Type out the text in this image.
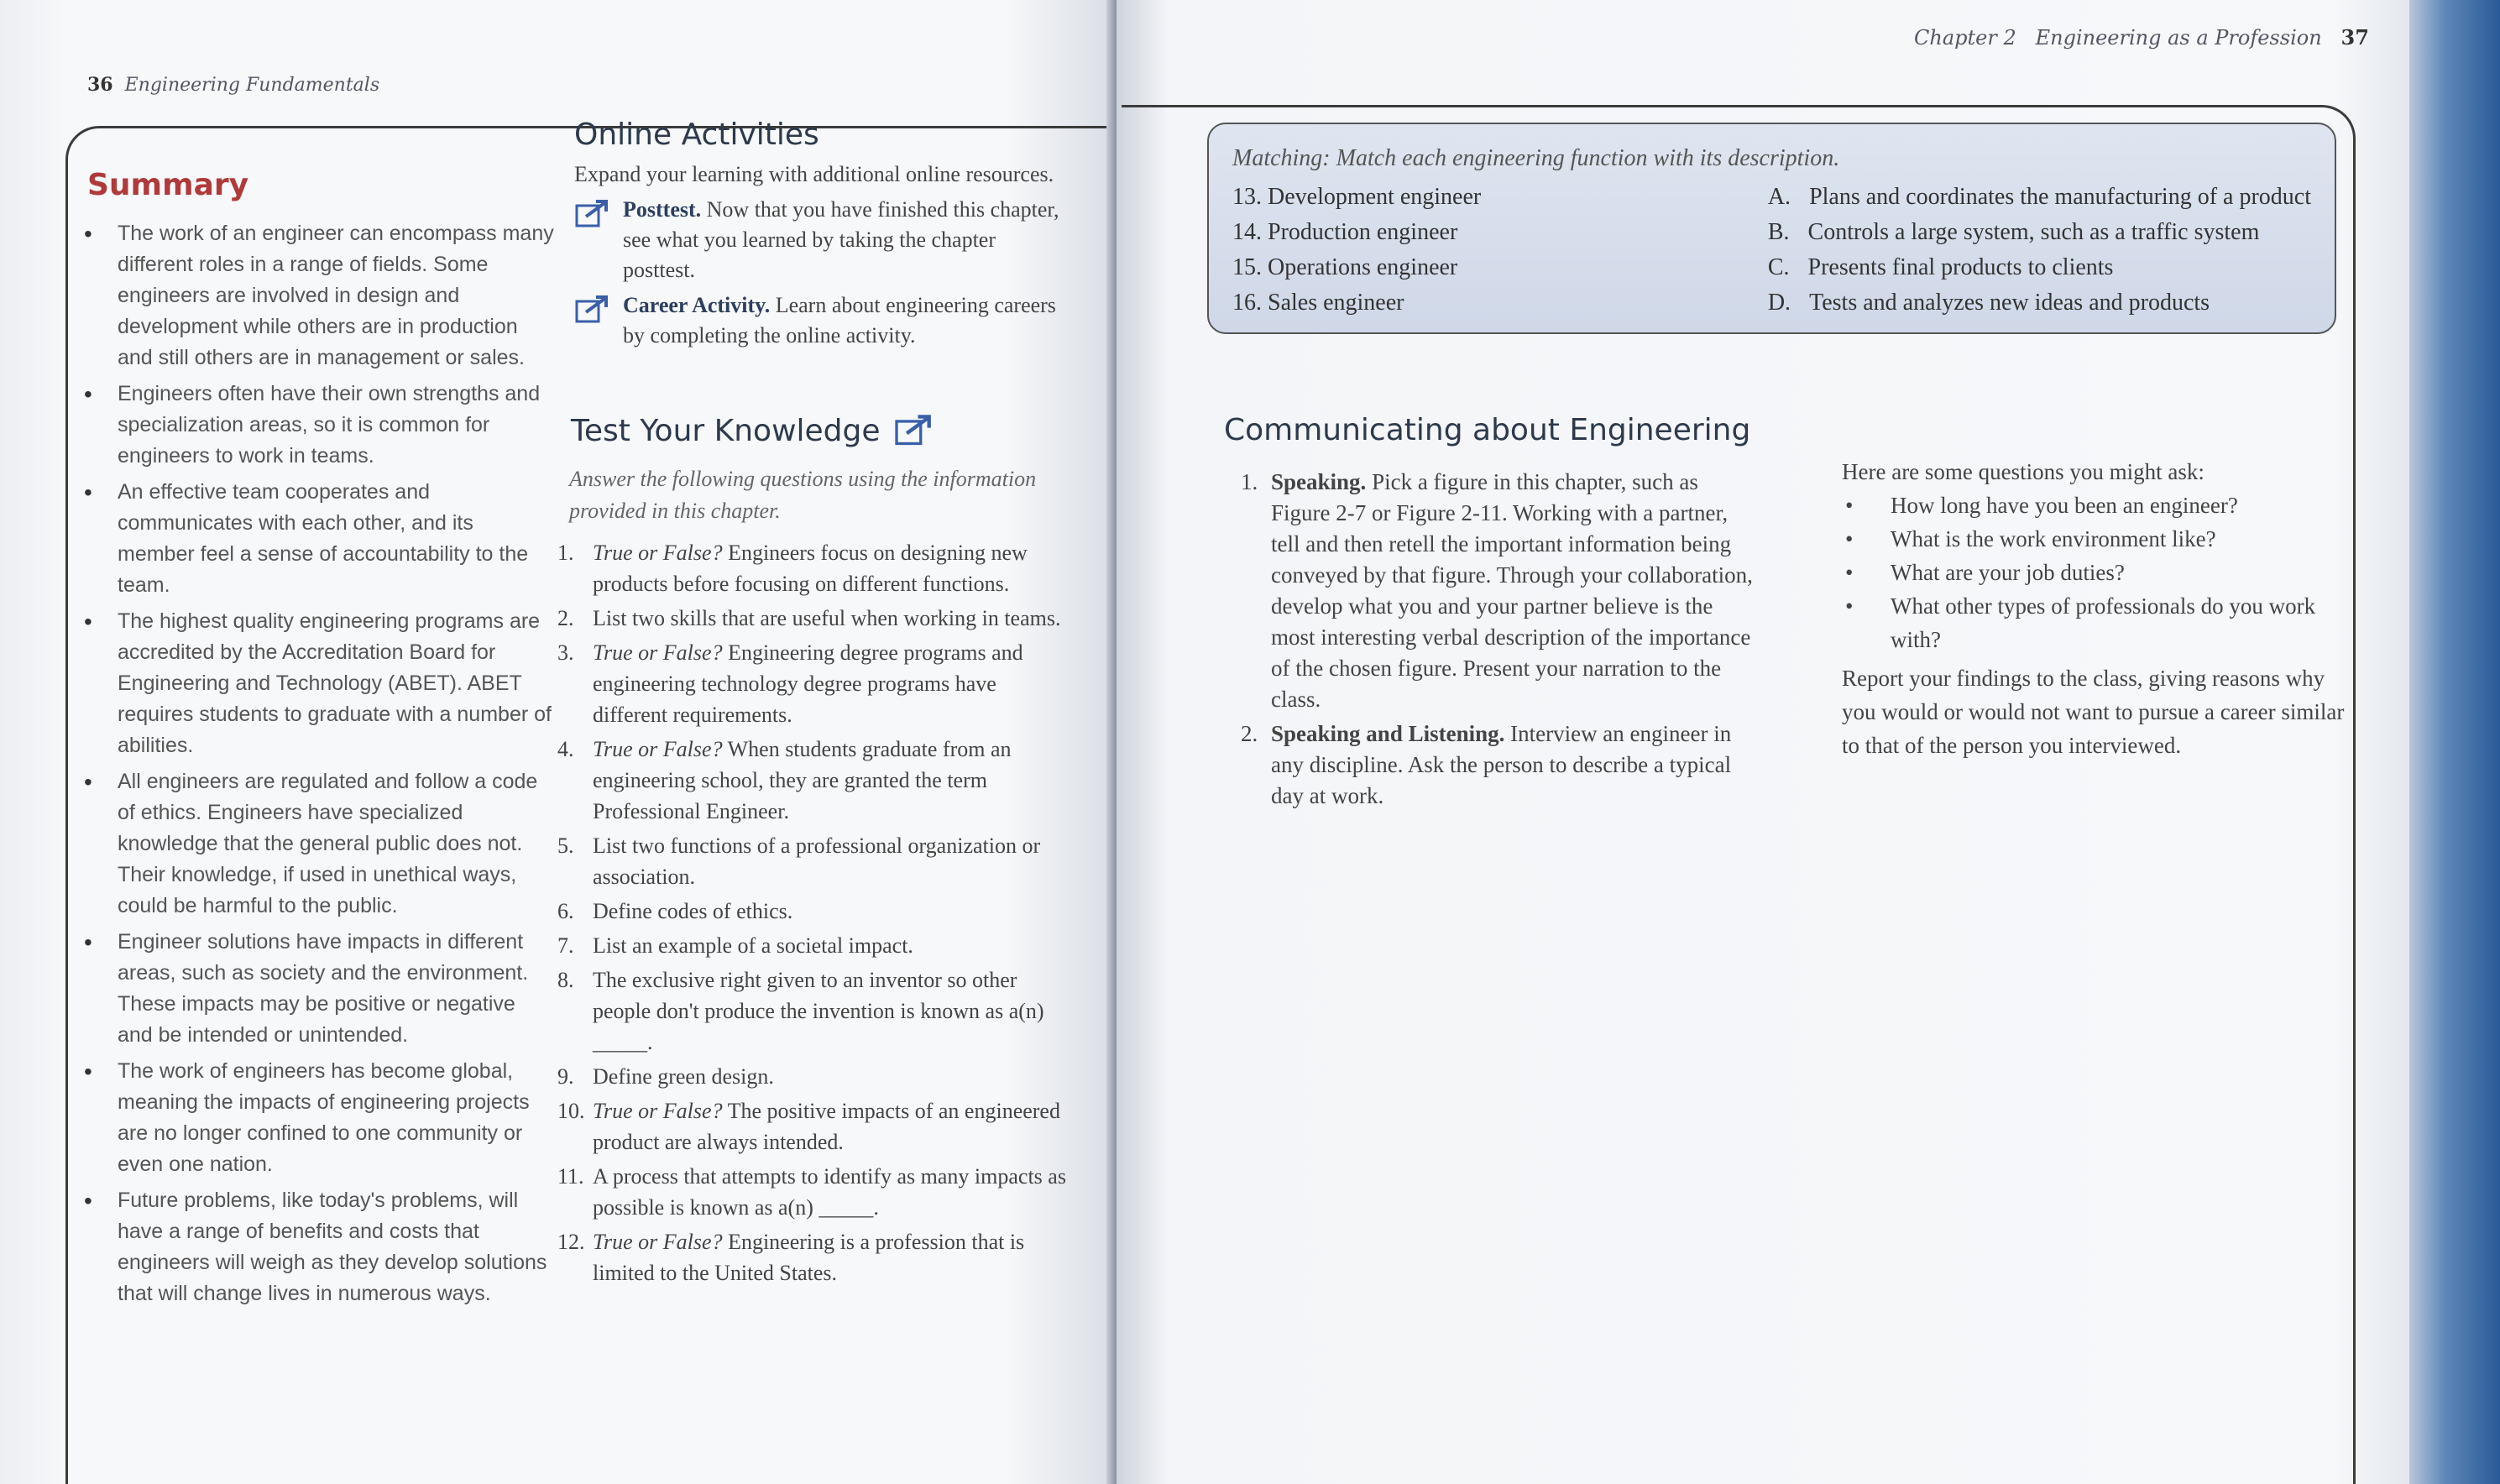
36 Engineering Fundamentals
Summary
• The work of an engineer can encompass many different roles in a range of fields. Some engineers are involved in design and development while others are in production and still others are in management or sales.
• Engineers often have their own strengths and specialization areas, so it is common for engineers to work in teams.
• An effective team cooperates and communicates with each other, and its member feel a sense of accountability to the team.
• The highest quality engineering programs are accredited by the Accreditation Board for Engineering and Technology (ABET). ABET requires students to graduate with a number of abilities.
• All engineers are regulated and follow a code of ethics. Engineers have specialized knowledge that the general public does not. Their knowledge, if used in unethical ways, could be harmful to the public.
• Engineer solutions have impacts in different areas, such as society and the environment. These impacts may be positive or negative and be intended or unintended.
• The work of engineers has become global, meaning the impacts of engineering projects are no longer confined to one community or even one nation.
• Future problems, like today's problems, will have a range of benefits and costs that engineers will weigh as they develop solutions that will change lives in numerous ways.
Online Activities
Expand your learning with additional online resources.
Posttest. Now that you have finished this chapter, see what you learned by taking the chapter posttest.
Career Activity. Learn about engineering careers by completing the online activity.
Test Your Knowledge
Answer the following questions using the information provided in this chapter.
1. True or False? Engineers focus on designing new products before focusing on different functions.
2. List two skills that are useful when working in teams.
3. True or False? Engineering degree programs and engineering technology degree programs have different requirements.
4. True or False? When students graduate from an engineering school, they are granted the term Professional Engineer.
5. List two functions of a professional organization or association.
6. Define codes of ethics.
7. List an example of a societal impact.
8. The exclusive right given to an inventor so other people don't produce the invention is known as a(n) _____.
9. Define green design.
10. True or False? The positive impacts of an engineered product are always intended.
11. A process that attempts to identify as many impacts as possible is known as a(n) _____.
12. True or False? Engineering is a profession that is limited to the United States.
Chapter 2 Engineering as a Profession 37
Matching: Match each engineering function with its description.
13. Development engineer
14. Production engineer
15. Operations engineer
16. Sales engineer
A. Plans and coordinates the manufacturing of a product
B. Controls a large system, such as a traffic system
C. Presents final products to clients
D. Tests and analyzes new ideas and products
Communicating about Engineering
1. Speaking. Pick a figure in this chapter, such as Figure 2-7 or Figure 2-11. Working with a partner, tell and then retell the important information being conveyed by that figure. Through your collaboration, develop what you and your partner believe is the most interesting verbal description of the importance of the chosen figure. Present your narration to the class.
2. Speaking and Listening. Interview an engineer in any discipline. Ask the person to describe a typical day at work.
Here are some questions you might ask:
• How long have you been an engineer?
• What is the work environment like?
• What are your job duties?
• What other types of professionals do you work with?
Report your findings to the class, giving reasons why you would or would not want to pursue a career similar to that of the person you interviewed.
